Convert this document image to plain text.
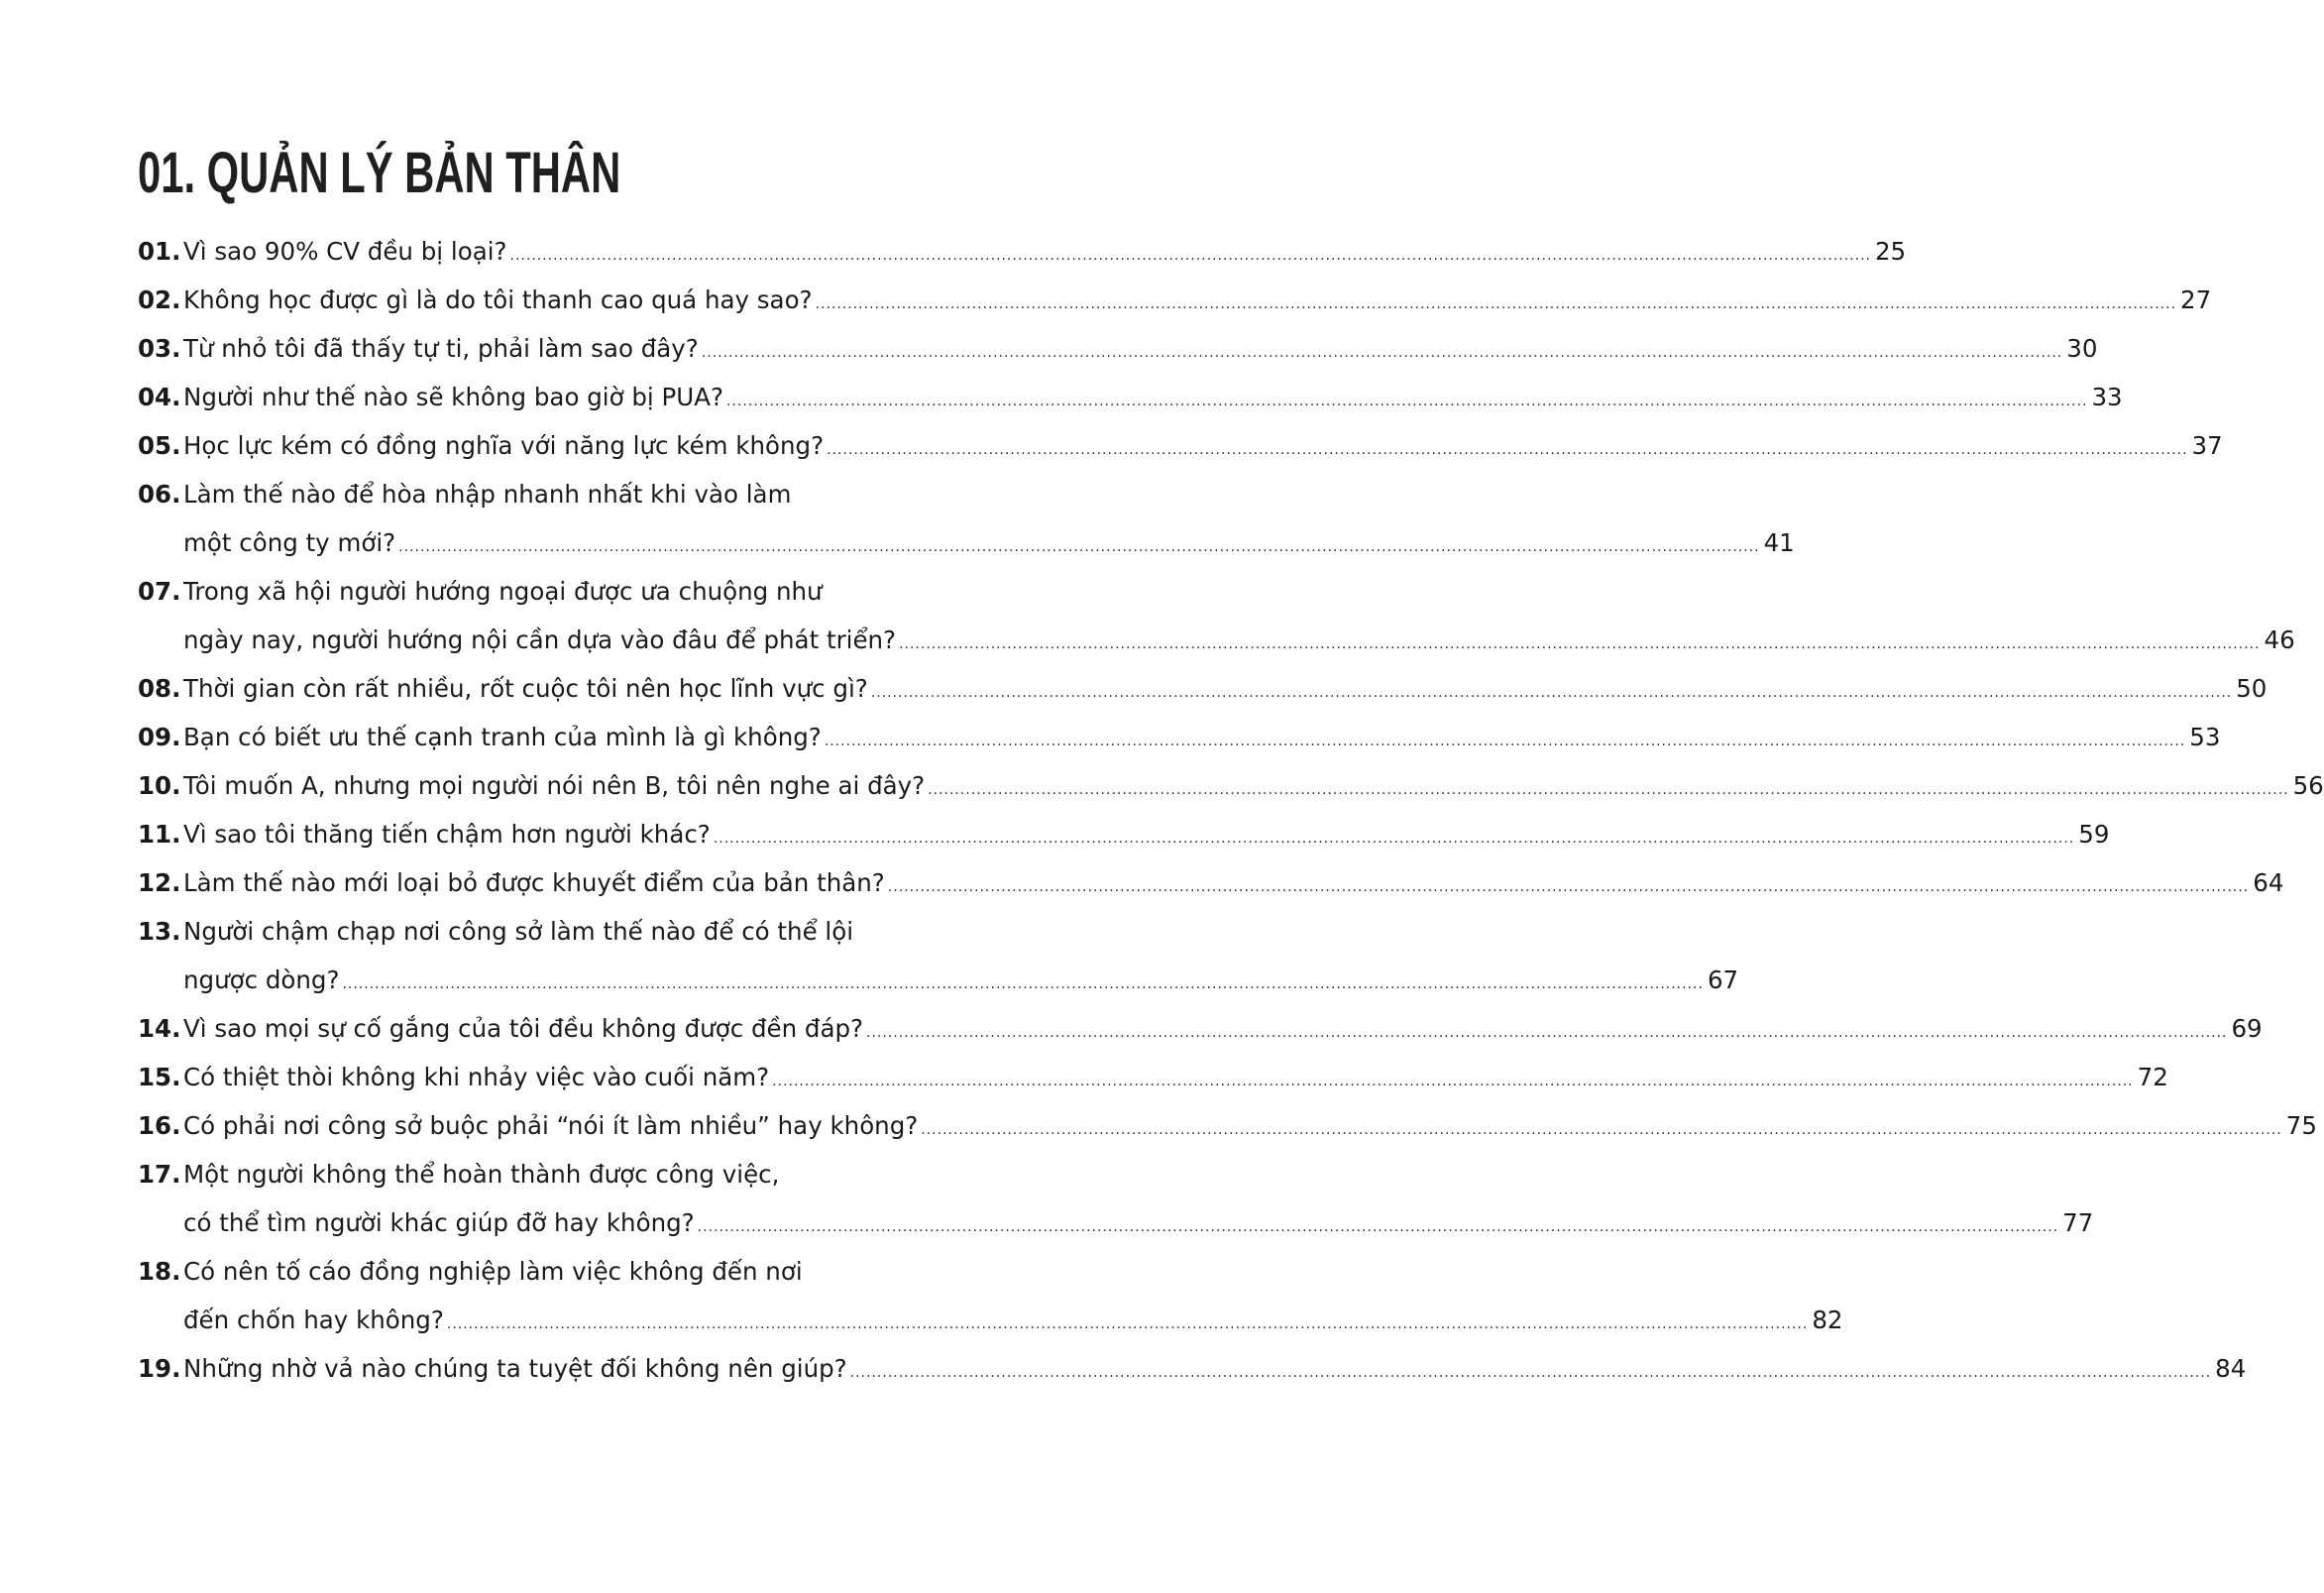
01. QUẢN LÝ BẢN THÂN
01. Vì sao 90% CV đều bị loại? .....	25
02. Không học được gì là do tôi thanh cao quá hay sao? .....	27
03. Từ nhỏ tôi đã thấy tự ti, phải làm sao đây? .....	30
04. Người như thế nào sẽ không bao giờ bị PUA? .....	33
05. Học lực kém có đồng nghĩa với năng lực kém không? .....	37
06. Làm thế nào để hòa nhập nhanh nhất khi vào làm
một công ty mới? .....	41
07. Trong xã hội người hướng ngoại được ưa chuộng như
ngày nay, người hướng nội cần dựa vào đâu để phát triển? .....	46
08. Thời gian còn rất nhiều, rốt cuộc tôi nên học lĩnh vực gì? .....	50
09. Bạn có biết ưu thế cạnh tranh của mình là gì không? .....	53
10. Tôi muốn A, nhưng mọi người nói nên B, tôi nên nghe ai đây? .....	56
11. Vì sao tôi thăng tiến chậm hơn người khác? .....	59
12. Làm thế nào mới loại bỏ được khuyết điểm của bản thân? .....	64
13. Người chậm chạp nơi công sở làm thế nào để có thể lội
ngược dòng? .....	67
14. Vì sao mọi sự cố gắng của tôi đều không được đền đáp? .....	69
15. Có thiệt thòi không khi nhảy việc vào cuối năm? .....	72
16. Có phải nơi công sở buộc phải “nói ít làm nhiều” hay không? .....	75
17. Một người không thể hoàn thành được công việc,
có thể tìm người khác giúp đỡ hay không? .....	77
18. Có nên tố cáo đồng nghiệp làm việc không đến nơi
đến chốn hay không? .....	82
19. Những nhờ vả nào chúng ta tuyệt đối không nên giúp? .....	84
